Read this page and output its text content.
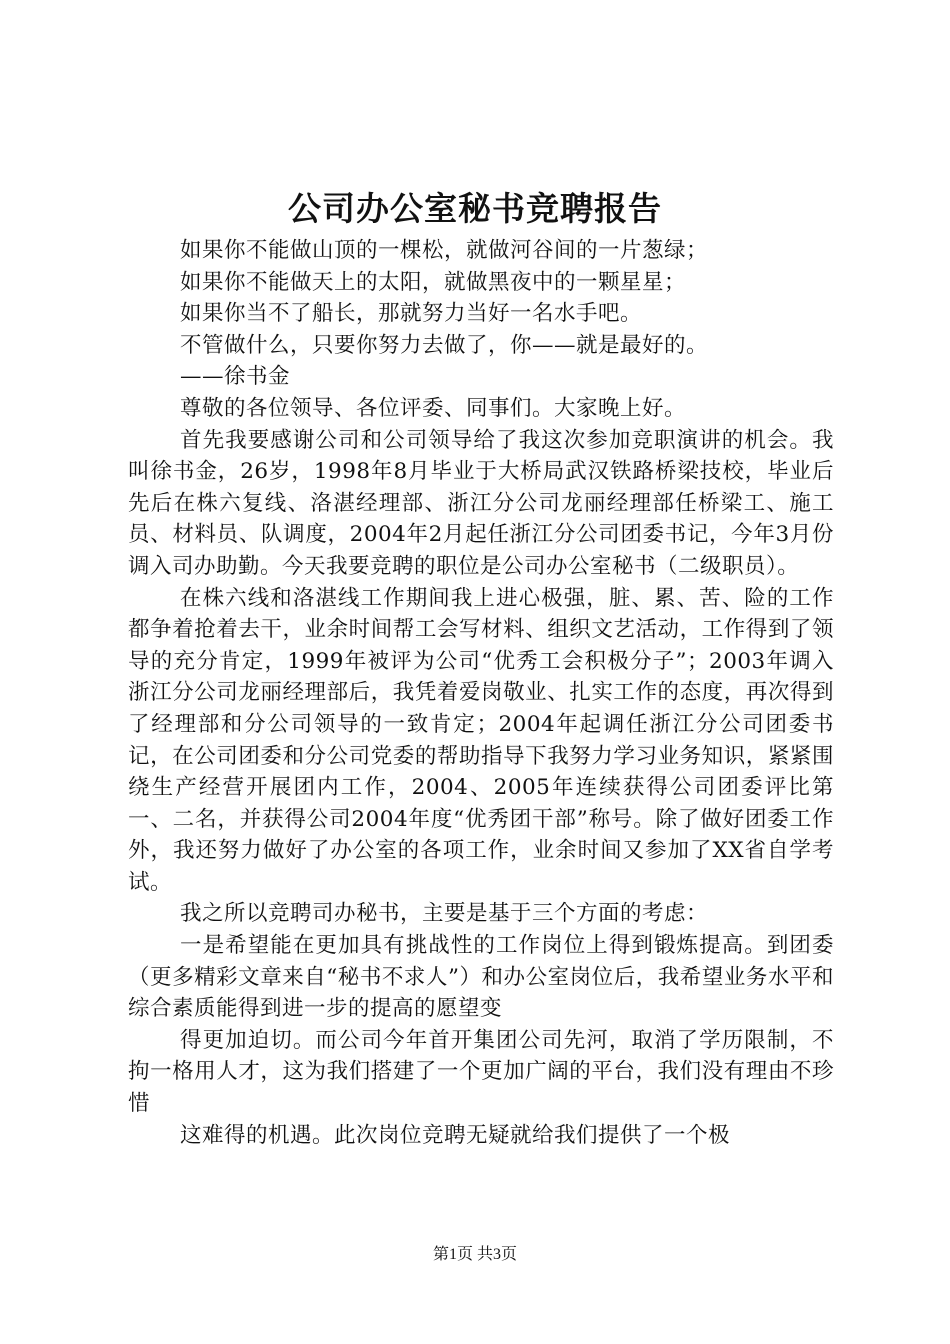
公司办公室秘书竞聘报告

如果你不能做山顶的一棵松，就做河谷间的一片葱绿；

如果你不能做天上的太阳，就做黑夜中的一颗星星；

如果你当不了船长，那就努力当好一名水手吧。

不管做什么，只要你努力去做了，你——就是最好的。

——徐书金

尊敬的各位领导、各位评委、同事们。大家晚上好。

首先我要感谢公司和公司领导给了我这次参加竞职演讲的机会。我叫徐书金，26岁，1998年8月毕业于大桥局武汉铁路桥梁技校，毕业后先后在株六复线、洛湛经理部、浙江分公司龙丽经理部任桥梁工、施工员、材料员、队调度，2004年2月起任浙江分公司团委书记，今年3月份调入司办助勤。今天我要竞聘的职位是公司办公室秘书（二级职员）。

在株六线和洛湛线工作期间我上进心极强，脏、累、苦、险的工作都争着抢着去干，业余时间帮工会写材料、组织文艺活动，工作得到了领导的充分肯定，1999年被评为公司“优秀工会积极分子”；2003年调入浙江分公司龙丽经理部后，我凭着爱岗敬业、扎实工作的态度，再次得到了经理部和分公司领导的一致肯定；2004年起调任浙江分公司团委书记，在公司团委和分公司党委的帮助指导下我努力学习业务知识，紧紧围绕生产经营开展团内工作，2004、2005年连续获得公司团委评比第一、二名，并获得公司2004年度“优秀团干部”称号。除了做好团委工作外，我还努力做好了办公室的各项工作，业余时间又参加了XX省自学考试。

我之所以竞聘司办秘书，主要是基于三个方面的考虑：

一是希望能在更加具有挑战性的工作岗位上得到锻炼提高。到团委（更多精彩文章来自“秘书不求人”）和办公室岗位后，我希望业务水平和综合素质能得到进一步的提高的愿望变

得更加迫切。而公司今年首开集团公司先河，取消了学历限制，不拘一格用人才，这为我们搭建了一个更加广阔的平台，我们没有理由不珍惜

这难得的机遇。此次岗位竞聘无疑就给我们提供了一个极

第1页 共3页
